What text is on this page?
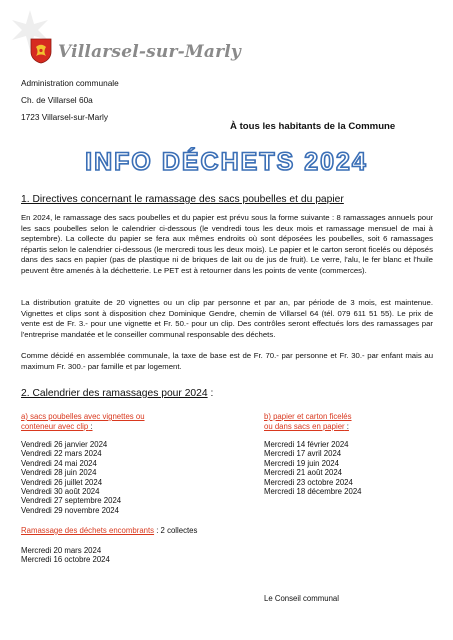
Villarsel-sur-Marly
Administration communale
Ch. de Villarsel 60a
1723 Villarsel-sur-Marly
À tous les habitants de la Commune
INFO DÉCHETS 2024
1. Directives concernant le ramassage des sacs poubelles et du papier
En 2024, le ramassage des sacs poubelles et du papier est prévu sous la forme suivante : 8 ramassages annuels pour les sacs poubelles selon le calendrier ci-dessous (le vendredi tous les deux mois et ramassage mensuel de mai à septembre). La collecte du papier se fera aux mêmes endroits où sont déposées les poubelles, soit 6 ramassages répartis selon le calendrier ci-dessous (le mercredi tous les deux mois). Le papier et le carton seront ficelés ou déposés dans des sacs en papier (pas de plastique ni de briques de lait ou de jus de fruit). Le verre, l'alu, le fer blanc et l'huile peuvent être amenés à la déchetterie. Le PET est à retourner dans les points de vente (commerces).
La distribution gratuite de 20 vignettes ou un clip par personne et par an, par période de 3 mois, est maintenue. Vignettes et clips sont à disposition chez Dominique Gendre, chemin de Villarsel 64 (tél. 079 611 51 55). Le prix de vente est de Fr. 3.- pour une vignette et Fr. 50.- pour un clip. Des contrôles seront effectués lors des ramassages par l'entreprise mandatée et le conseiller communal responsable des déchets.
Comme décidé en assemblée communale, la taxe de base est de Fr. 70.- par personne et Fr. 30.- par enfant mais au maximum Fr. 300.- par famille et par logement.
2. Calendrier des ramassages pour 2024 :
a) sacs poubelles avec vignettes ou
conteneur avec clip :
Vendredi 26 janvier 2024
Vendredi 22 mars 2024
Vendredi 24 mai 2024
Vendredi 28 juin 2024
Vendredi 26 juillet 2024
Vendredi 30 août 2024
Vendredi 27 septembre 2024
Vendredi 29 novembre 2024
b) papier et carton ficelés
ou dans sacs en papier :
Mercredi 14 février 2024
Mercredi 17 avril 2024
Mercredi 19 juin 2024
Mercredi 21 août 2024
Mercredi 23 octobre 2024
Mercredi 18 décembre 2024
Ramassage des déchets encombrants : 2 collectes
Mercredi 20 mars 2024
Mercredi 16 octobre 2024
Le Conseil communal
